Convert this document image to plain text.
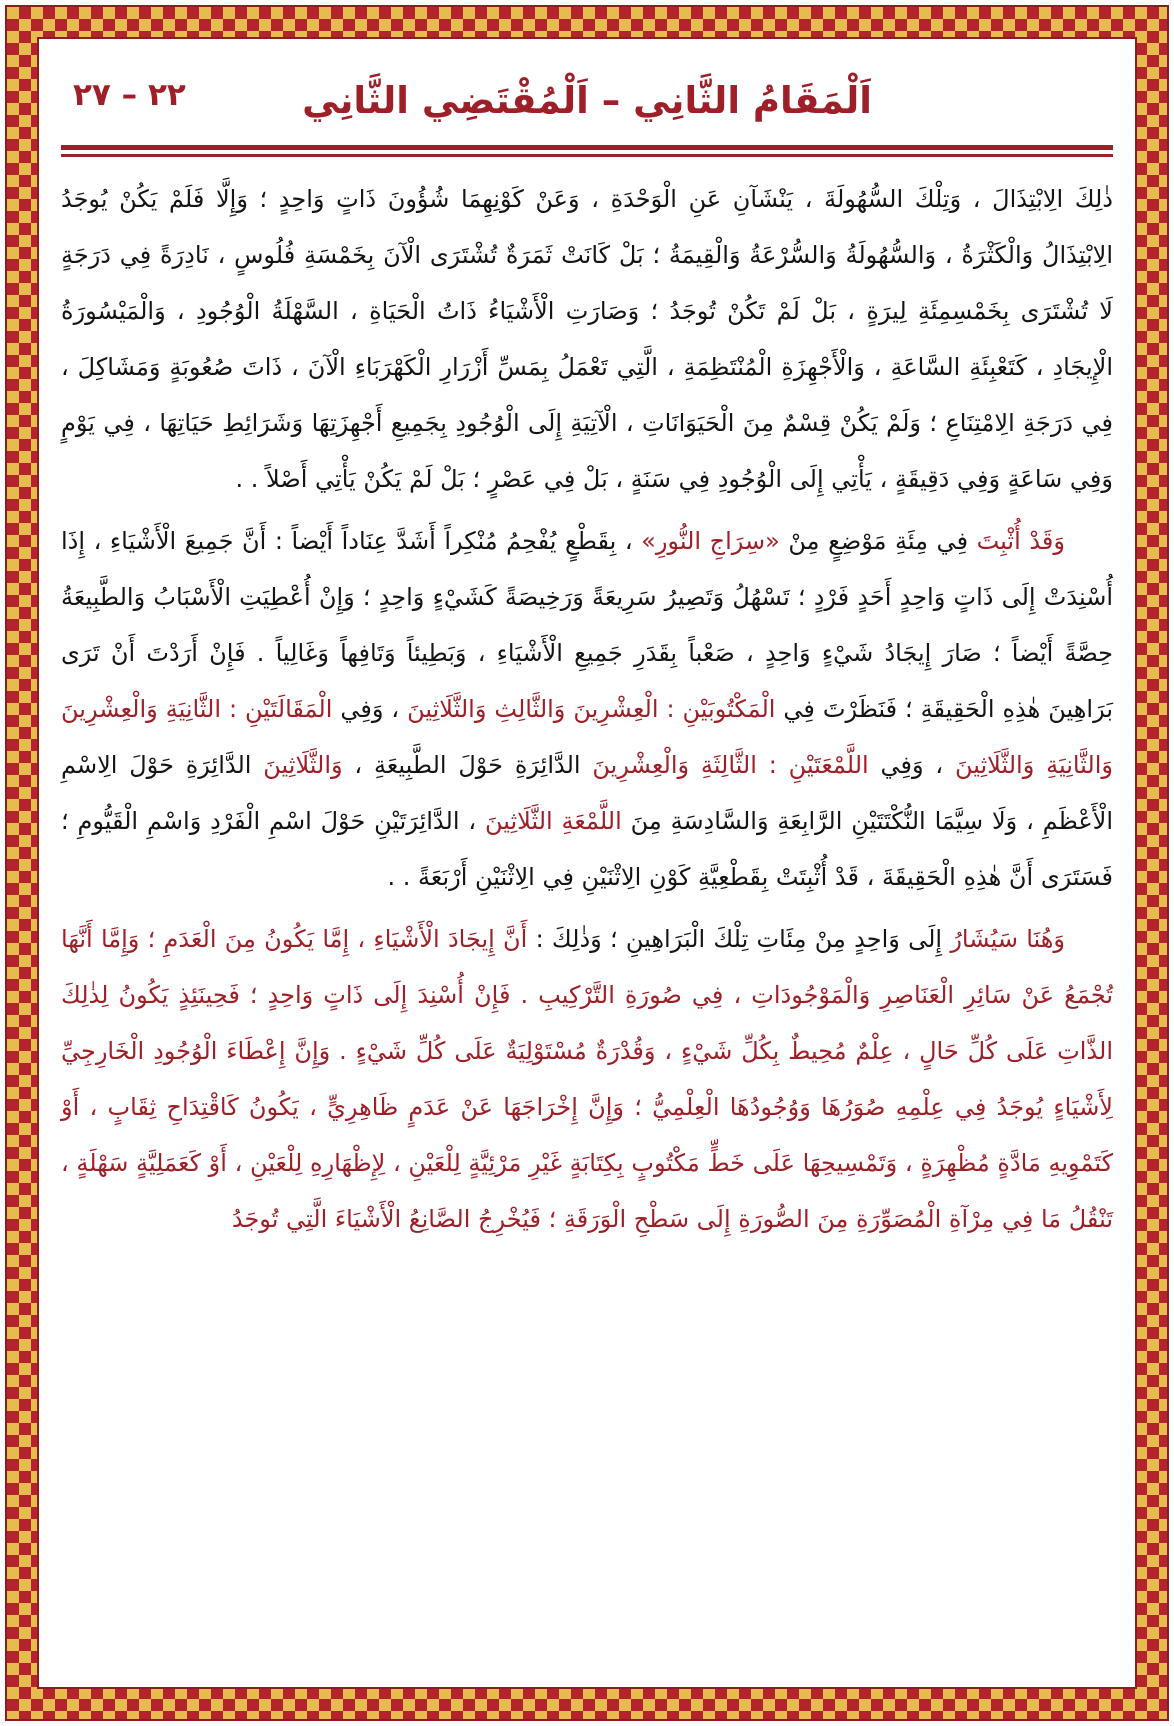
٢٢ – ٢٧	اَلْمَقَامُ الثَّانِي – اَلْمُقْتَضِي الثَّانِي

ذٰلِكَ الِابْتِذَالَ ، وَتِلْكَ السُّهُولَةَ ، يَنْشَآنِ عَنِ الْوَحْدَةِ ، وَعَنْ كَوْنِهِمَا شُؤُونَ ذَاتٍ وَاحِدٍ ؛ وَإِلَّا فَلَمْ يَكُنْ يُوجَدُ الِابْتِذَالُ وَالْكَثْرَةُ ، وَالسُّهُولَةُ وَالسُّرْعَةُ وَالْقِيمَةُ ؛ بَلْ كَانَتْ ثَمَرَةٌ تُشْتَرَى الْآنَ بِخَمْسَةِ فُلُوسٍ ، نَادِرَةً فِي دَرَجَةٍ لَا تُشْتَرَى بِخَمْسِمِئَةِ لِيرَةٍ ، بَلْ لَمْ تَكُنْ تُوجَدُ ؛ وَصَارَتِ الْأَشْيَاءُ ذَاتُ الْحَيَاةِ ، السَّهْلَةُ الْوُجُودِ ، وَالْمَيْسُورَةُ الْإِيجَادِ ، كَتَعْبِئَةِ السَّاعَةِ ، وَالْأَجْهِزَةِ الْمُنْتَظِمَةِ ، الَّتِي تَعْمَلُ بِمَسِّ أَزْرَارِ الْكَهْرَبَاءِ الْآنَ ، ذَاتَ صُعُوبَةٍ وَمَشَاكِلَ ، فِي دَرَجَةِ الِامْتِنَاعِ ؛ وَلَمْ يَكُنْ قِسْمٌ مِنَ الْحَيَوَانَاتِ ، الْآتِيَةِ إِلَى الْوُجُودِ بِجَمِيعِ أَجْهِزَتِهَا وَشَرَائِطِ حَيَاتِهَا ، فِي يَوْمٍ وَفِي سَاعَةٍ وَفِي دَقِيقَةٍ ، يَأْتِي إِلَى الْوُجُودِ فِي سَنَةٍ ، بَلْ فِي عَصْرٍ ؛ بَلْ لَمْ يَكُنْ يَأْتِي أَصْلاً . .

وَقَدْ أُثْبِتَ فِي مِئَةِ مَوْضِعٍ مِنْ «سِرَاجِ النُّورِ» ، بِقَطْعٍ يُفْحِمُ مُنْكِراً أَشَدَّ عِنَاداً أَيْضاً : أَنَّ جَمِيعَ الْأَشْيَاءِ ، إِذَا أُسْنِدَتْ إِلَى ذَاتٍ وَاحِدٍ أَحَدٍ فَرْدٍ ؛ تَسْهُلُ وَتَصِيرُ سَرِيعَةً وَرَخِيصَةً كَشَيْءٍ وَاحِدٍ ؛ وَإِنْ أُعْطِيَتِ الْأَسْبَابُ وَالطَّبِيعَةُ حِصَّةً أَيْضاً ؛ صَارَ إِيجَادُ شَيْءٍ وَاحِدٍ ، صَعْباً بِقَدَرِ جَمِيعِ الْأَشْيَاءِ ، وَبَطِيئاً وَتَافِهاً وَغَالِياً . فَإِنْ أَرَدْتَ أَنْ تَرَى بَرَاهِينَ هٰذِهِ الْحَقِيقَةِ ؛ فَنَظَرْتَ فِي الْمَكْتُوبَيْنِ : الْعِشْرِينَ وَالثَّالِثِ وَالثَّلَاثِينَ ، وَفِي الْمَقَالَتَيْنِ : الثَّانِيَةِ وَالْعِشْرِينَ وَالثَّانِيَةِ وَالثَّلَاثِينَ ، وَفِي اللَّمْعَتَيْنِ : الثَّالِثَةِ وَالْعِشْرِينَ الدَّائِرَةِ حَوْلَ الطَّبِيعَةِ ، وَالثَّلَاثِينَ الدَّائِرَةِ حَوْلَ الِاسْمِ الْأَعْظَمِ ، وَلَا سِيَّمَا النُّكْتَتَيْنِ الرَّابِعَةِ وَالسَّادِسَةِ مِنَ اللَّمْعَةِ الثَّلَاثِينَ ، الدَّائِرَتَيْنِ حَوْلَ اسْمِ الْفَرْدِ وَاسْمِ الْقَيُّومِ ؛ فَسَتَرَى أَنَّ هٰذِهِ الْحَقِيقَةَ ، قَدْ أُثْبِتَتْ بِقَطْعِيَّةِ كَوْنِ الِاثْنَيْنِ فِي الِاثْنَيْنِ أَرْبَعَةً . .

وَهُنَا سَيُشَارُ إِلَى وَاحِدٍ مِنْ مِئَاتِ تِلْكَ الْبَرَاهِينِ ؛ وَذٰلِكَ : أَنَّ إِيجَادَ الْأَشْيَاءِ ، إِمَّا يَكُونُ مِنَ الْعَدَمِ ؛ وَإِمَّا أَنَّهَا تُجْمَعُ عَنْ سَائِرِ الْعَنَاصِرِ وَالْمَوْجُودَاتِ ، فِي صُورَةِ التَّرْكِيبِ . فَإِنْ أُسْنِدَ إِلَى ذَاتٍ وَاحِدٍ ؛ فَحِينَئِذٍ يَكُونُ لِذٰلِكَ الذَّاتِ عَلَى كُلِّ حَالٍ ، عِلْمٌ مُحِيطٌ بِكُلِّ شَيْءٍ ، وَقُدْرَةٌ مُسْتَوْلِيَةٌ عَلَى كُلِّ شَيْءٍ . وَإِنَّ إِعْطَاءَ الْوُجُودِ الْخَارِجِيِّ لِأَشْيَاءٍ يُوجَدُ فِي عِلْمِهِ صُوَرُهَا وَوُجُودُهَا الْعِلْمِيُّ ؛ وَإِنَّ إِخْرَاجَهَا عَنْ عَدَمٍ ظَاهِرِيٍّ ، يَكُونُ كَاقْتِدَاحِ ثِقَابٍ ، أَوْ كَتَمْوِيهِ مَادَّةٍ مُظْهِرَةٍ ، وَتَمْسِيحِهَا عَلَى خَطٍّ مَكْتُوبٍ بِكِتَابَةٍ غَيْرِ مَرْئِيَّةٍ لِلْعَيْنِ ، لِإِظْهَارِهِ لِلْعَيْنِ ، أَوْ كَعَمَلِيَّةٍ سَهْلَةٍ ، تَنْقُلُ مَا فِي مِرْآةِ الْمُصَوِّرَةِ مِنَ الصُّورَةِ إِلَى سَطْحِ الْوَرَقَةِ ؛ فَيُخْرِجُ الصَّانِعُ الْأَشْيَاءَ الَّتِي تُوجَدُ
